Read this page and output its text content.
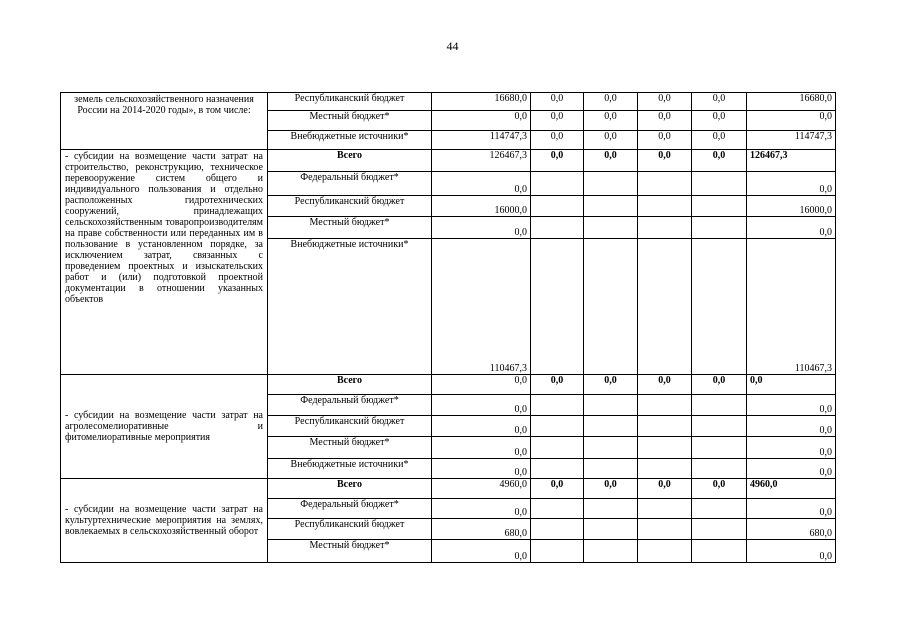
44
земель сельскохозяйственного назначения России на 2014-2020 годы», в том числе:	Республиканский бюджет	16680,0	0,0	0,0	0,0	0,0	16680,0
	Местный бюджет*	0,0	0,0	0,0	0,0	0,0	0,0
	Внебюджетные источники*	114747,3	0,0	0,0	0,0	0,0	114747,3
- субсидии на возмещение части затрат на строительство, реконструкцию, техническое перевооружение систем общего и индивидуального пользования и отдельно расположенных гидротехнических сооружений, принадлежащих сельскохозяйственным товаропроизводителям на праве собственности или переданных им в пользование в установленном порядке, за исключением затрат, связанных с проведением проектных и изыскательских работ и (или) подготовкой проектной документации в отношении указанных объектов	Всего	126467,3	0,0	0,0	0,0	0,0	126467,3
	Федеральный бюджет*	0,0					0,0
	Республиканский бюджет	16000,0					16000,0
	Местный бюджет*	0,0					0,0
	Внебюджетные источники*	110467,3					110467,3
- субсидии на возмещение части затрат на агролесомелиоративные и фитомелиоративные мероприятия	Всего	0,0	0,0	0,0	0,0	0,0	0,0
	Федеральный бюджет*	0,0					0,0
	Республиканский бюджет	0,0					0,0
	Местный бюджет*	0,0					0,0
	Внебюджетные источники*	0,0					0,0
- субсидии на возмещение части затрат на культуртехнические мероприятия на землях, вовлекаемых в сельскохозяйственный оборот	Всего	4960,0	0,0	0,0	0,0	0,0	4960,0
	Федеральный бюджет*	0,0					0,0
	Республиканский бюджет	680,0					680,0
	Местный бюджет*	0,0					0,0
